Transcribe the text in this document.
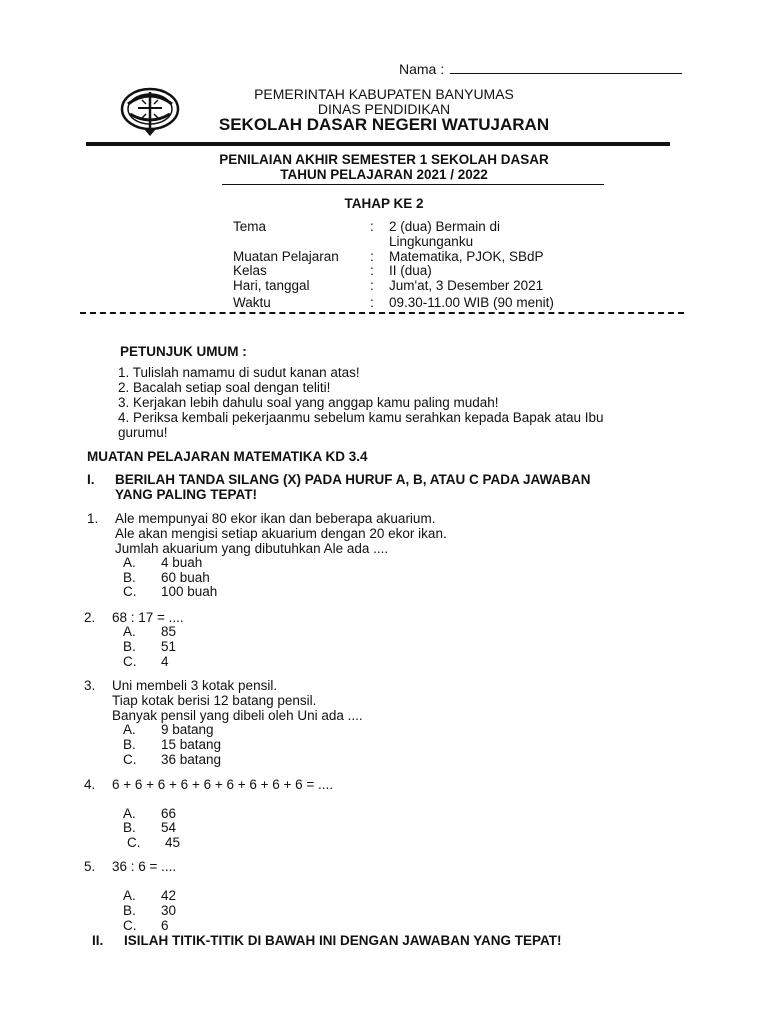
Nama :
PEMERINTAH KABUPATEN BANYUMAS
DINAS PENDIDIKAN
SEKOLAH DASAR NEGERI WATUJARAN
PENILAIAN AKHIR SEMESTER 1 SEKOLAH DASAR
TAHUN PELAJARAN 2021 / 2022
TAHAP KE 2
Tema	: 2 (dua) Bermain di
Lingkunganku
Muatan Pelajaran : Matematika, PJOK, SBdP
Kelas	: II (dua)
Hari, tanggal	: Jum'at, 3 Desember 2021
Waktu	: 09.30-11.00 WIB (90 menit)
PETUNJUK UMUM :
1. Tulislah namamu di sudut kanan atas!
2. Bacalah setiap soal dengan teliti!
3. Kerjakan lebih dahulu soal yang anggap kamu paling mudah!
4. Periksa kembali pekerjaanmu sebelum kamu serahkan kepada Bapak atau Ibu
gurumu!
MUATAN PELAJARAN MATEMATIKA KD 3.4
I. BERILAH TANDA SILANG (X) PADA HURUF A, B, ATAU C PADA JAWABAN
YANG PALING TEPAT!
1. Ale mempunyai 80 ekor ikan dan beberapa akuarium.
Ale akan mengisi setiap akuarium dengan 20 ekor ikan.
Jumlah akuarium yang dibutuhkan Ale ada ....
A. 4 buah
B. 60 buah
C. 100 buah
2. 68 : 17 = ....
A. 85
B. 51
C. 4
3. Uni membeli 3 kotak pensil.
Tiap kotak berisi 12 batang pensil.
Banyak pensil yang dibeli oleh Uni ada ....
A. 9 batang
B. 15 batang
C. 36 batang
4. 6 + 6 + 6 + 6 + 6 + 6 + 6 + 6 + 6 = ....
A. 66
B. 54
C. 45
5. 36 : 6 = ....
A. 42
B. 30
C. 6
II. ISILAH TITIK-TITIK DI BAWAH INI DENGAN JAWABAN YANG TEPAT!
